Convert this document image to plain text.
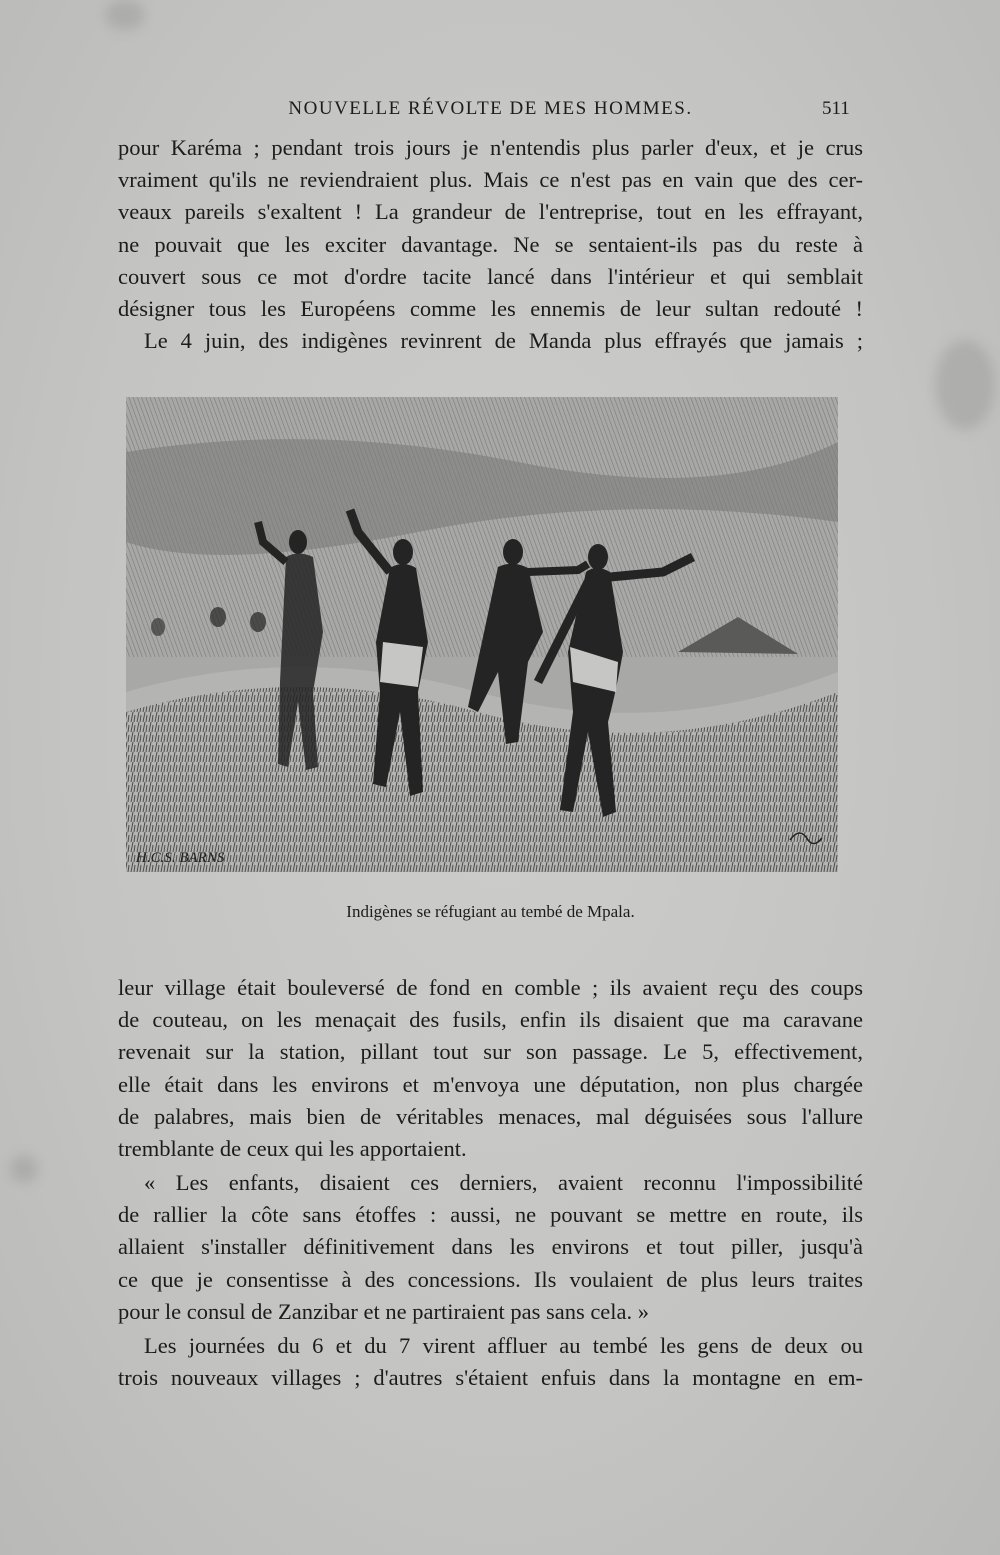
NOUVELLE RÉVOLTE DE MES HOMMES.	511

pour Karéma ; pendant trois jours je n'entendis plus parler d'eux, et je crus

vraiment qu'ils ne reviendraient plus. Mais ce n'est pas en vain que des cer-

veaux pareils s'exaltent ! La grandeur de l'entreprise, tout en les effrayant,

ne pouvait que les exciter davantage. Ne se sentaient-ils pas du reste à

couvert sous ce mot d'ordre tacite lancé dans l'intérieur et qui semblait

désigner tous les Européens comme les ennemis de leur sultan redouté !

Le 4 juin, des indigènes revinrent de Manda plus effrayés que jamais ;

H.C.S. BARNS
Indigènes se réfugiant au tembé de Mpala.

leur village était bouleversé de fond en comble ; ils avaient reçu des coups

de couteau, on les menaçait des fusils, enfin ils disaient que ma caravane

revenait sur la station, pillant tout sur son passage. Le 5, effectivement,

elle était dans les environs et m'envoya une députation, non plus chargée

de palabres, mais bien de véritables menaces, mal déguisées sous l'allure

tremblante de ceux qui les apportaient.

« Les enfants, disaient ces derniers, avaient reconnu l'impossibilité

de rallier la côte sans étoffes : aussi, ne pouvant se mettre en route, ils

allaient s'installer définitivement dans les environs et tout piller, jusqu'à

ce que je consentisse à des concessions. Ils voulaient de plus leurs traites

pour le consul de Zanzibar et ne partiraient pas sans cela. »

Les journées du 6 et du 7 virent affluer au tembé les gens de deux ou

trois nouveaux villages ; d'autres s'étaient enfuis dans la montagne en em-
